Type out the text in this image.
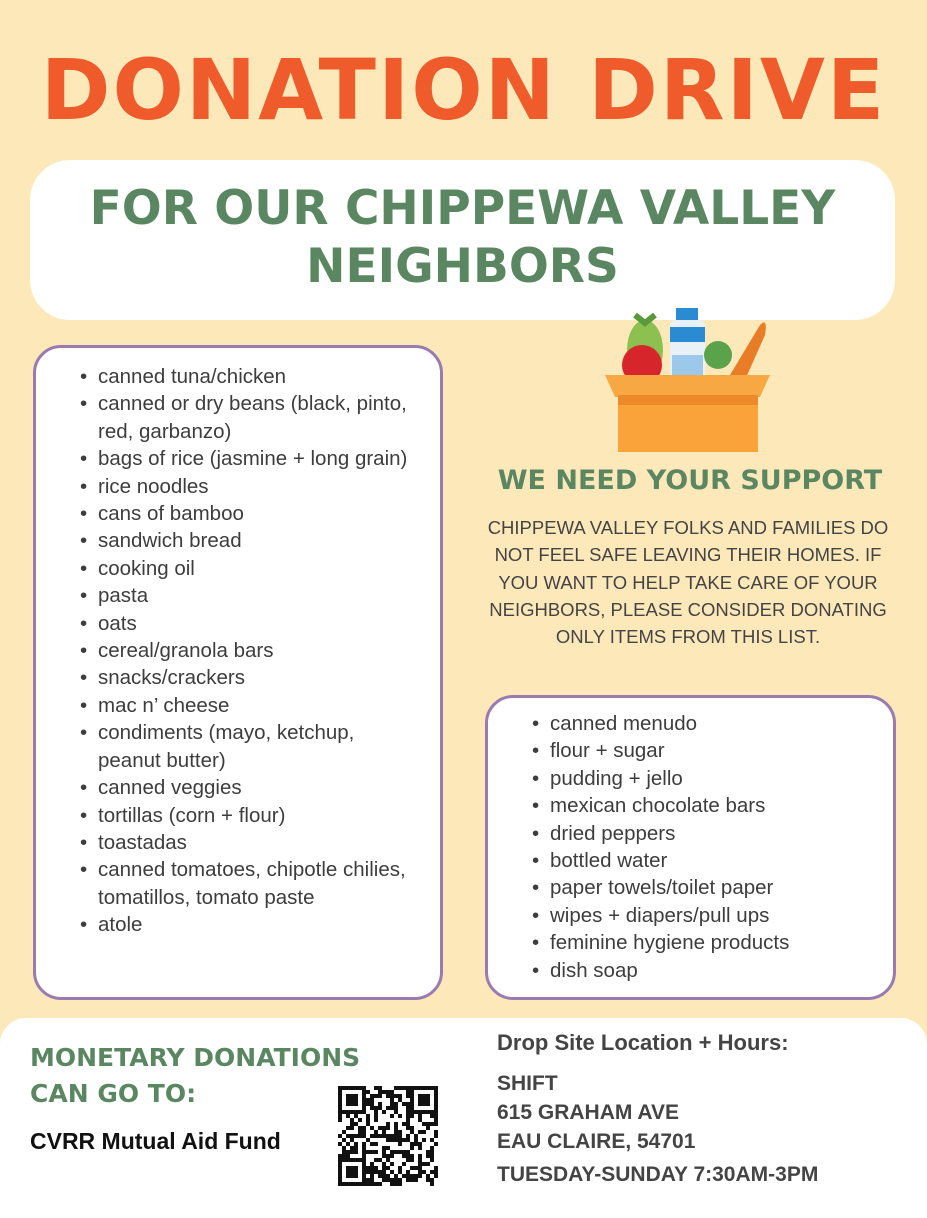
DONATION DRIVE
FOR OUR CHIPPEWA VALLEY
NEIGHBORS
• canned tuna/chicken
• canned or dry beans (black, pinto, red, garbanzo)
• bags of rice (jasmine + long grain)
• rice noodles
• cans of bamboo
• sandwich bread
• cooking oil
• pasta
• oats
• cereal/granola bars
• snacks/crackers
• mac n’ cheese
• condiments (mayo, ketchup, peanut butter)
• canned veggies
• tortillas (corn + flour)
• toastadas
• canned tomatoes, chipotle chilies, tomatillos, tomato paste
• atole
WE NEED YOUR SUPPORT
CHIPPEWA VALLEY FOLKS AND FAMILIES DO NOT FEEL SAFE LEAVING THEIR HOMES. IF YOU WANT TO HELP TAKE CARE OF YOUR NEIGHBORS, PLEASE CONSIDER DONATING ONLY ITEMS FROM THIS LIST.
• canned menudo
• flour + sugar
• pudding + jello
• mexican chocolate bars
• dried peppers
• bottled water
• paper towels/toilet paper
• wipes + diapers/pull ups
• feminine hygiene products
• dish soap
MONETARY DONATIONS
CAN GO TO:
CVRR Mutual Aid Fund
Drop Site Location + Hours:
SHIFT
615 GRAHAM AVE
EAU CLAIRE, 54701
TUESDAY-SUNDAY 7:30AM-3PM
